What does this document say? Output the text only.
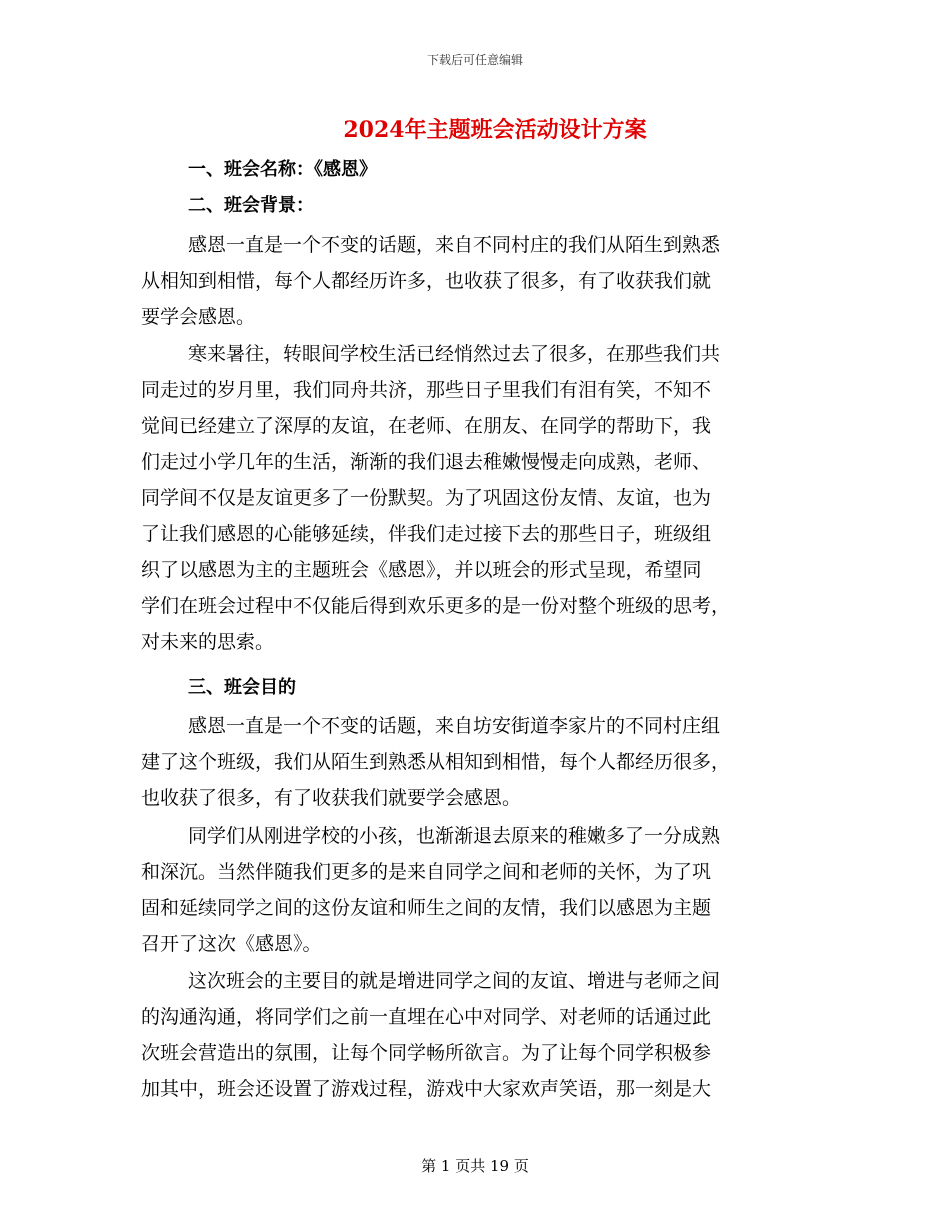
下载后可任意编辑
2024年主题班会活动设计方案
一、班会名称：《感恩》
二、班会背景：
感恩一直是一个不变的话题，来自不同村庄的我们从陌生到熟悉
从相知到相惜，每个人都经历许多，也收获了很多，有了收获我们就
要学会感恩。
寒来暑往，转眼间学校生活已经悄然过去了很多，在那些我们共
同走过的岁月里，我们同舟共济，那些日子里我们有泪有笑，不知不
觉间已经建立了深厚的友谊，在老师、在朋友、在同学的帮助下，我
们走过小学几年的生活，渐渐的我们退去稚嫩慢慢走向成熟，老师、
同学间不仅是友谊更多了一份默契。为了巩固这份友情、友谊，也为
了让我们感恩的心能够延续，伴我们走过接下去的那些日子，班级组
织了以感恩为主的主题班会《感恩》，并以班会的形式呈现，希望同
学们在班会过程中不仅能后得到欢乐更多的是一份对整个班级的思考，
对未来的思索。
三、班会目的
感恩一直是一个不变的话题，来自坊安街道李家片的不同村庄组
建了这个班级，我们从陌生到熟悉从相知到相惜，每个人都经历很多，
也收获了很多，有了收获我们就要学会感恩。
同学们从刚进学校的小孩，也渐渐退去原来的稚嫩多了一分成熟
和深沉。当然伴随我们更多的是来自同学之间和老师的关怀，为了巩
固和延续同学之间的这份友谊和师生之间的友情，我们以感恩为主题
召开了这次《感恩》。
这次班会的主要目的就是增进同学之间的友谊、增进与老师之间
的沟通沟通，将同学们之前一直埋在心中对同学、对老师的话通过此
次班会营造出的氛围，让每个同学畅所欲言。为了让每个同学积极参
加其中，班会还设置了游戏过程，游戏中大家欢声笑语，那一刻是大
第 1 页共 19 页
